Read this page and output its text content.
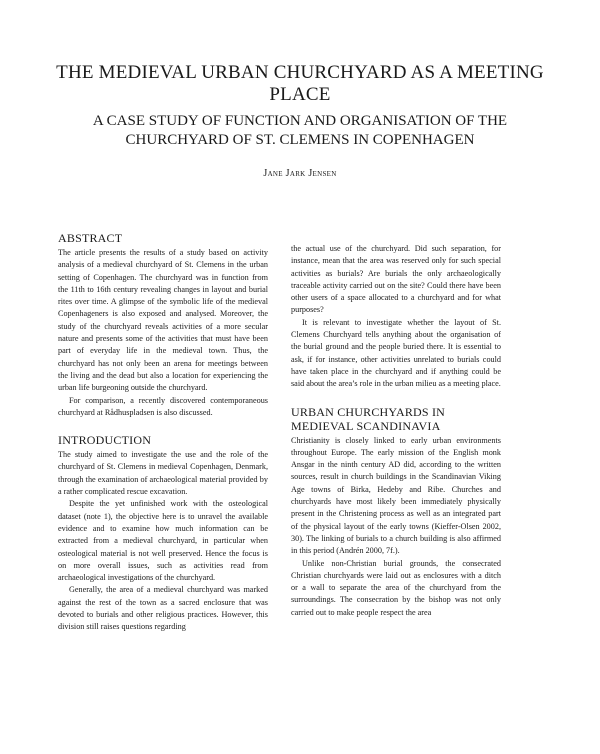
THE MEDIEVAL URBAN CHURCHYARD AS A MEETING PLACE
A CASE STUDY OF FUNCTION AND ORGANISATION OF THE CHURCHYARD OF ST. CLEMENS IN COPENHAGEN
Jane Jark Jensen
ABSTRACT

The article presents the results of a study based on activity analysis of a medieval churchyard of St. Clemens in the urban setting of Copenhagen. The churchyard was in function from the 11th to 16th century revealing changes in layout and burial rites over time. A glimpse of the symbolic life of the medieval Copenhageners is also exposed and analysed. Moreover, the study of the churchyard reveals activities of a more secular nature and presents some of the activities that must have been part of everyday life in the medieval town. Thus, the churchyard has not only been an arena for meetings between the living and the dead but also a location for experiencing the urban life burgeoning outside the churchyard.

For comparison, a recently discovered contemporaneous churchyard at Rådhuspladsen is also discussed.

INTRODUCTION

The study aimed to investigate the use and the role of the churchyard of St. Clemens in medieval Copenhagen, Denmark, through the examination of archaeological material provided by a rather complicated rescue excavation.

Despite the yet unfinished work with the osteological dataset (note 1), the objective here is to unravel the available evidence and to examine how much information can be extracted from a medieval churchyard, in particular when osteological material is not well preserved. Hence the focus is on more overall issues, such as activities read from archaeological investigations of the churchyard.

Generally, the area of a medieval churchyard was marked against the rest of the town as a sacred enclosure that was devoted to burials and other religious practices. However, this division still raises questions regarding

the actual use of the churchyard. Did such separation, for instance, mean that the area was reserved only for such special activities as burials? Are burials the only archaeologically traceable activity carried out on the site? Could there have been other users of a space allocated to a churchyard and for what purposes?

It is relevant to investigate whether the layout of St. Clemens Churchyard tells anything about the organisation of the burial ground and the people buried there. It is essential to ask, if for instance, other activities unrelated to burials could have taken place in the churchyard and if anything could be said about the area’s role in the urban milieu as a meeting place.

URBAN CHURCHYARDS IN MEDIEVAL SCANDINAVIA

Christianity is closely linked to early urban environments throughout Europe. The early mission of the English monk Ansgar in the ninth century AD did, according to the written sources, result in church buildings in the Scandinavian Viking Age towns of Birka, Hedeby and Ribe. Churches and churchyards have most likely been immediately physically present in the Christening process as well as an integrated part of the physical layout of the early towns (Kieffer-Olsen 2002, 30). The linking of burials to a church building is also affirmed in this period (Andrén 2000, 7f.).

Unlike non-Christian burial grounds, the consecrated Christian churchyards were laid out as enclosures with a ditch or a wall to separate the area of the churchyard from the surroundings. The consecration by the bishop was not only carried out to make people respect the area
